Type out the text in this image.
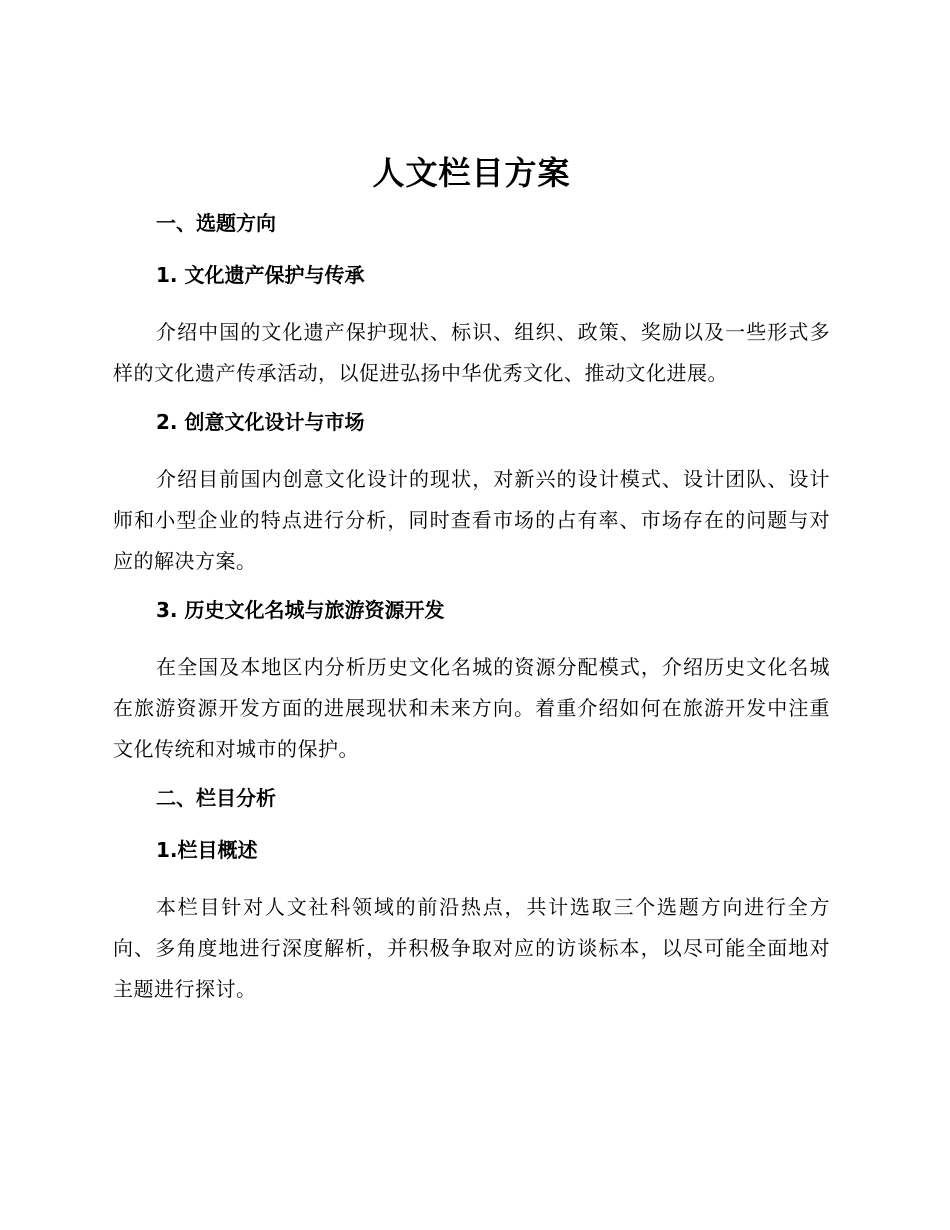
人文栏目方案
一、选题方向
1. 文化遗产保护与传承

介绍中国的文化遗产保护现状、标识、组织、政策、奖励以及一些形式多样的文化遗产传承活动，以促进弘扬中华优秀文化、推动文化进展。

2. 创意文化设计与市场

介绍目前国内创意文化设计的现状，对新兴的设计模式、设计团队、设计师和小型企业的特点进行分析，同时查看市场的占有率、市场存在的问题与对应的解决方案。

3. 历史文化名城与旅游资源开发

在全国及本地区内分析历史文化名城的资源分配模式，介绍历史文化名城在旅游资源开发方面的进展现状和未来方向。着重介绍如何在旅游开发中注重文化传统和对城市的保护。

二、栏目分析
1.栏目概述

本栏目针对人文社科领域的前沿热点，共计选取三个选题方向进行全方向、多角度地进行深度解析，并积极争取对应的访谈标本，以尽可能全面地对主题进行探讨。
